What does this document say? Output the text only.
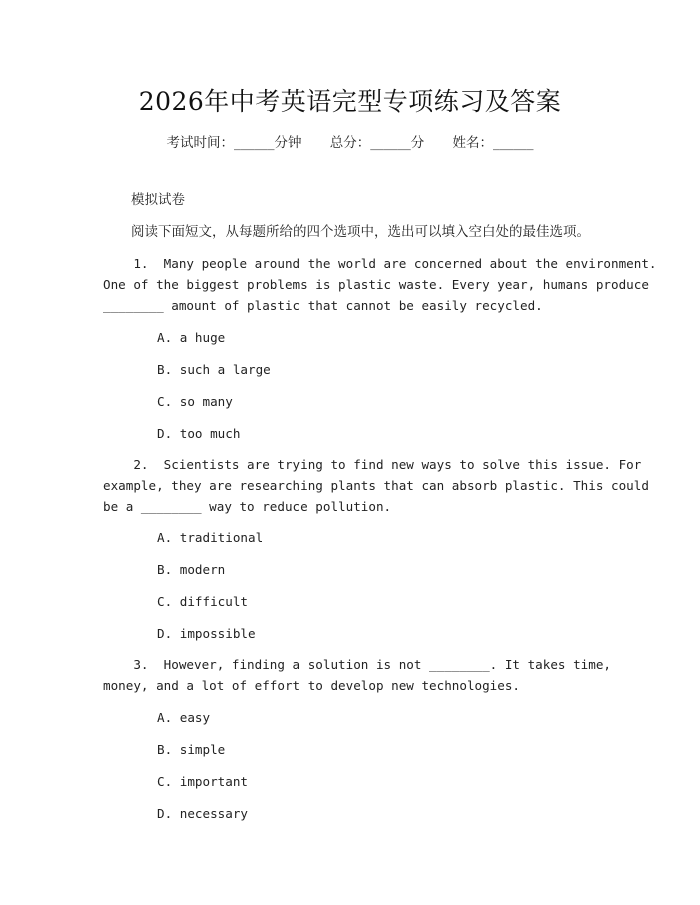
2026年中考英语完型专项练习及答案
考试时间：______分钟 总分：______分 姓名：______
模拟试卷
阅读下面短文，从每题所给的四个选项中，选出可以填入空白处的最佳选项。
1.  Many people around the world are concerned about the environment.
One of the biggest problems is plastic waste. Every year, humans produce
________ amount of plastic that cannot be easily recycled.
A. a huge
B. such a large
C. so many
D. too much
2.  Scientists are trying to find new ways to solve this issue. For
example, they are researching plants that can absorb plastic. This could
be a ________ way to reduce pollution.
A. traditional
B. modern
C. difficult
D. impossible
3.  However, finding a solution is not ________. It takes time,
money, and a lot of effort to develop new technologies.
A. easy
B. simple
C. important
D. necessary
